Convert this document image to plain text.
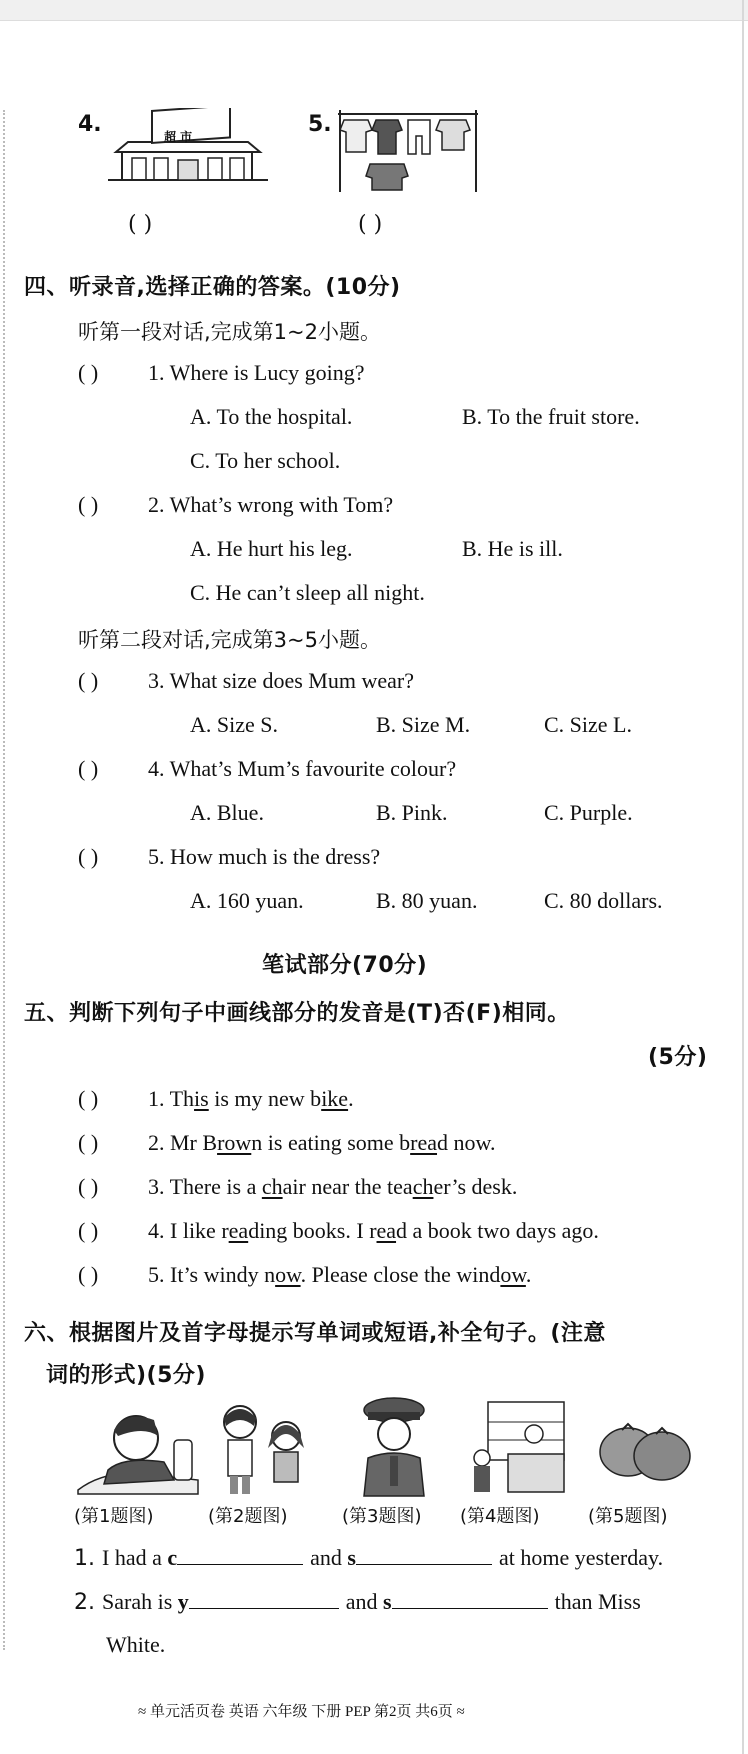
4.	超 市	5.
( )	( )
四、听录音,选择正确的答案。(10分)
听第一段对话,完成第1~2小题。
( ) 1. Where is Lucy going?
A. To the hospital.	B. To the fruit store.
C. To her school.
( ) 2. What’s wrong with Tom?
A. He hurt his leg.	B. He is ill.
C. He can’t sleep all night.
听第二段对话,完成第3~5小题。
( ) 3. What size does Mum wear?
A. Size S.	B. Size M.	C. Size L.
( ) 4. What’s Mum’s favourite colour?
A. Blue.	B. Pink.	C. Purple.
( ) 5. How much is the dress?
A. 160 yuan.	B. 80 yuan.	C. 80 dollars.
笔试部分(70分)
五、判断下列句子中画线部分的发音是(T)否(F)相同。
(5分)
( ) 1. This is my new bike.
( ) 2. Mr Brown is eating some bread now.
( ) 3. There is a chair near the teacher’s desk.
( ) 4. I like reading books. I read a book two days ago.
( ) 5. It’s windy now. Please close the window.
六、根据图片及首字母提示写单词或短语,补全句子。(注意
词的形式)(5分)
(第1题图)	(第2题图)	(第3题图) (第4题图)	(第5题图)
1. I had a c	and s	at home yesterday.
2. Sarah is y	and s	than Miss
White.
≈ 单元活页卷 英语 六年级 下册 PEP 第2页 共6页 ≈
